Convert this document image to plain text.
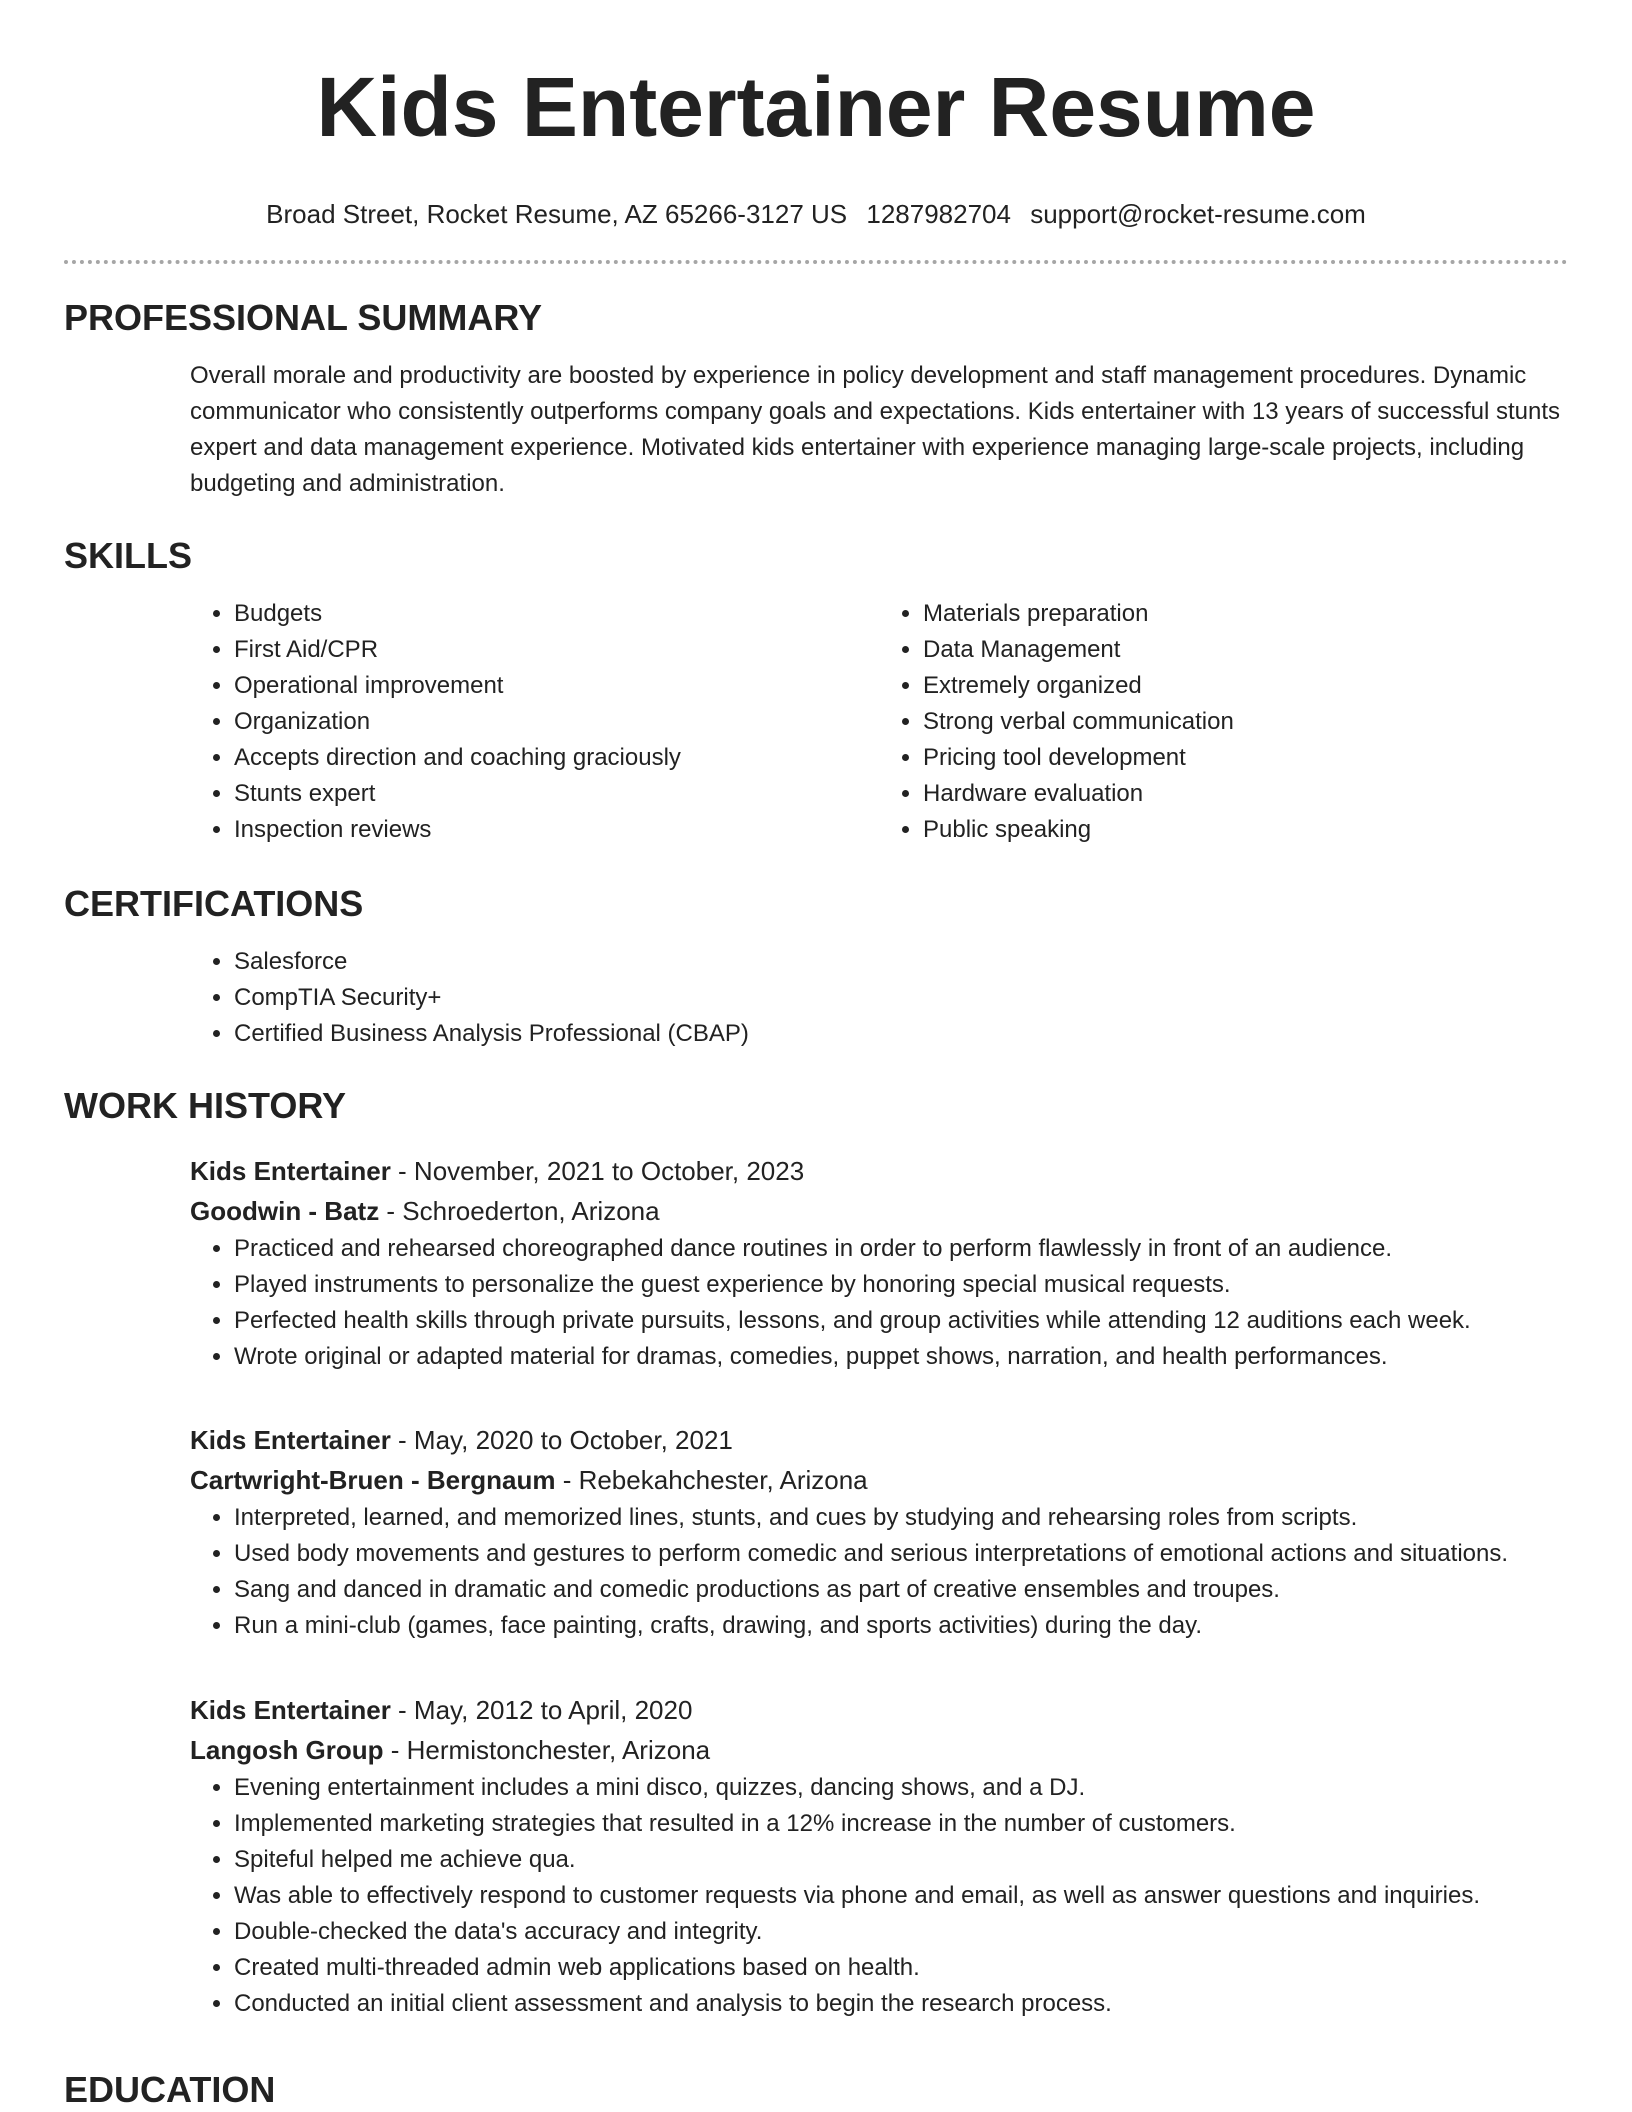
Kids Entertainer Resume
Broad Street, Rocket Resume, AZ 65266-3127 US 1287982704 support@rocket-resume.com
PROFESSIONAL SUMMARY

Overall morale and productivity are boosted by experience in policy development and staff management procedures. Dynamic communicator who consistently outperforms company goals and expectations. Kids entertainer with 13 years of successful stunts expert and data management experience. Motivated kids entertainer with experience managing large-scale projects, including budgeting and administration.

SKILLS
• Budgets
• First Aid/CPR
• Operational improvement
• Organization
• Accepts direction and coaching graciously
• Stunts expert
• Inspection reviews
• Materials preparation
• Data Management
• Extremely organized
• Strong verbal communication
• Pricing tool development
• Hardware evaluation
• Public speaking
CERTIFICATIONS
• Salesforce
• CompTIA Security+
• Certified Business Analysis Professional (CBAP)
WORK HISTORY
Kids Entertainer - November, 2021 to October, 2023
Goodwin - Batz - Schroederton, Arizona
• Practiced and rehearsed choreographed dance routines in order to perform flawlessly in front of an audience.
• Played instruments to personalize the guest experience by honoring special musical requests.
• Perfected health skills through private pursuits, lessons, and group activities while attending 12 auditions each week.
• Wrote original or adapted material for dramas, comedies, puppet shows, narration, and health performances.
Kids Entertainer - May, 2020 to October, 2021
Cartwright-Bruen - Bergnaum - Rebekahchester, Arizona
• Interpreted, learned, and memorized lines, stunts, and cues by studying and rehearsing roles from scripts.
• Used body movements and gestures to perform comedic and serious interpretations of emotional actions and situations.
• Sang and danced in dramatic and comedic productions as part of creative ensembles and troupes.
• Run a mini-club (games, face painting, crafts, drawing, and sports activities) during the day.
Kids Entertainer - May, 2012 to April, 2020
Langosh Group - Hermistonchester, Arizona
• Evening entertainment includes a mini disco, quizzes, dancing shows, and a DJ.
• Implemented marketing strategies that resulted in a 12% increase in the number of customers.
• Spiteful helped me achieve qua.
• Was able to effectively respond to customer requests via phone and email, as well as answer questions and inquiries.
• Double-checked the data's accuracy and integrity.
• Created multi-threaded admin web applications based on health.
• Conducted an initial client assessment and analysis to begin the research process.
EDUCATION
